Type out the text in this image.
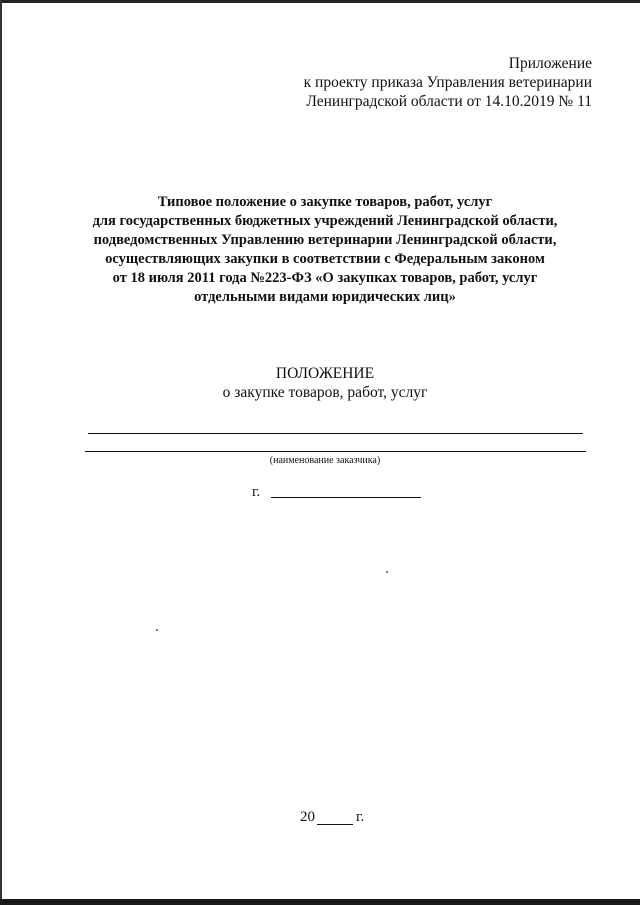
Приложение
к проекту приказа Управления ветеринарии
Ленинградской области от 14.10.2019 № 11
Типовое положение о закупке товаров, работ, услуг
для государственных бюджетных учреждений Ленинградской области,
подведомственных Управлению ветеринарии Ленинградской области,
осуществляющих закупки в соответствии с Федеральным законом
от 18 июля 2011 года №223-ФЗ «О закупках товаров, работ, услуг
отдельными видами юридических лиц»
ПОЛОЖЕНИЕ
о закупке товаров, работ, услуг
(наименование заказчика)
г.
20	г.
